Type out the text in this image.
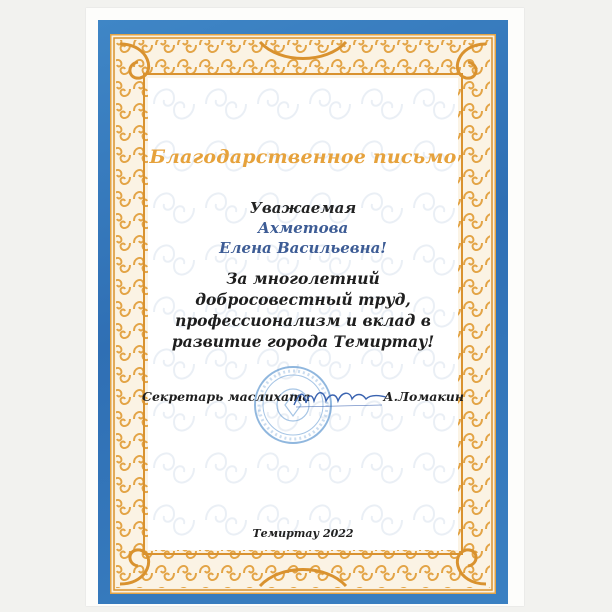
Благодарственное письмо
Уважаемая
Ахметова
Елена Васильевна!
За многолетний
добросовестный труд,
профессионализм и вклад в
развитие города Темиртау!
Секретарь маслихата	А.Ломакин
Темиртау 2022
